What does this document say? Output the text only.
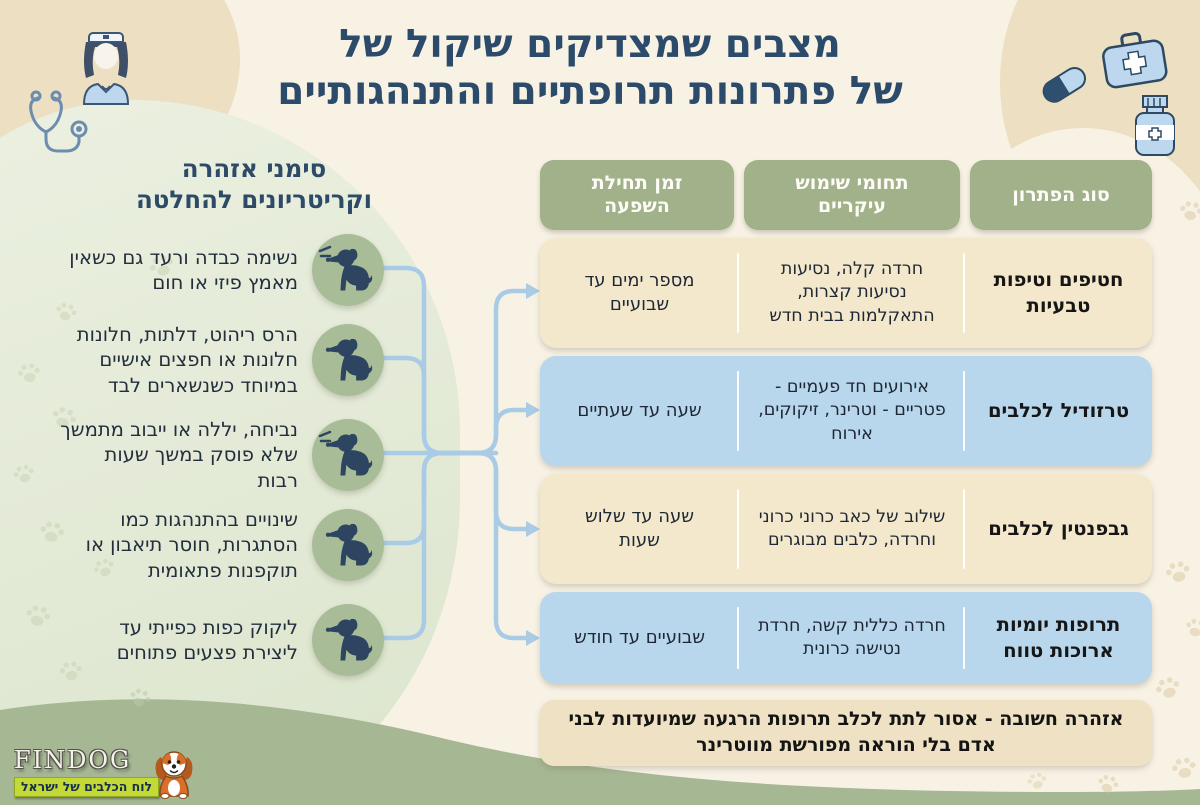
מצבים שמצדיקים שיקול של
של פתרונות תרופתיים והתנהגותיים
סימני אזהרה
וקריטריונים להחלטה
נשימה כבדה ורעד גם כשאין מאמץ פיזי או חום
הרס ריהוט, דלתות, חלונות חלונות או חפצים אישיים במיוחד כשנשארים לבד
נביחה, יללה או ייבוב מתמשך שלא פוסק במשך שעות רבות
שינויים בהתנהגות כמו הסתגרות, חוסר תיאבון או תוקפנות פתאומית
ליקוק כפות כפייתי עד ליצירת פצעים פתוחים
סוג הפתרון
תחומי שימוש עיקריים
זמן תחילת השפעה
חטיפים וטיפות טבעיות
חרדה קלה, נסיעות נסיעות קצרות, התאקלמות בבית חדש
מספר ימים עד שבועיים
טרזודיל לכלבים
אירועים חד פעמיים - פטריים - וטרינר, זיקוקים, אירוח
שעה עד שעתיים
גבפנטין לכלבים
שילוב של כאב כרוני כרוני וחרדה, כלבים מבוגרים
שעה עד שלוש שעות
תרופות יומיות ארוכות טווח
חרדה כללית קשה, חרדת נטישה כרונית
שבועיים עד חודש
אזהרה חשובה - אסור לתת לכלב תרופות הרגעה שמיועדות לבני אדם בלי הוראה מפורשת מווטרינר
FINDOG
לוח הכלבים של ישראל
